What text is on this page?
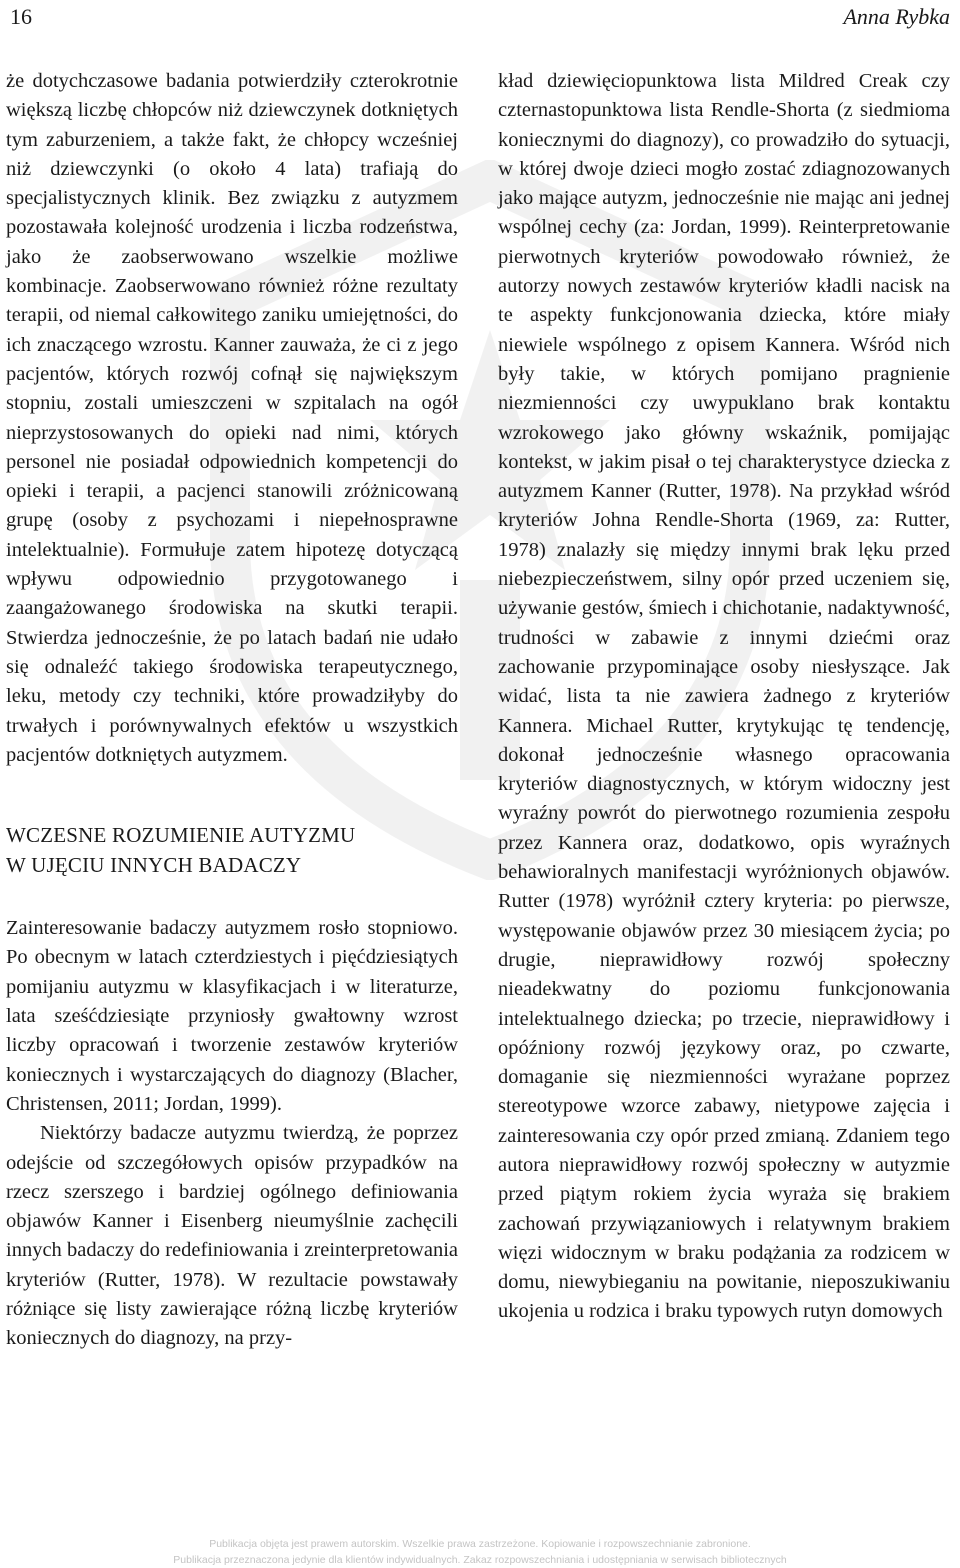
16	Anna Rybka

że dotychczasowe badania potwierdziły czterokrotnie większą liczbę chłopców niż dziewczynek dotkniętych tym zaburzeniem, a także fakt, że chłopcy wcześniej niż dziewczynki (o około 4 lata) trafiają do specjalistycznych klinik. Bez związku z autyzmem pozostawała kolejność urodzenia i liczba rodzeństwa, jako że zaobserwowano wszelkie możliwe kombinacje. Zaobserwowano również różne rezultaty terapii, od niemal całkowitego zaniku umiejętności, do ich znaczącego wzrostu. Kanner zauważa, że ci z jego pacjentów, których rozwój cofnął się największym stopniu, zostali umieszczeni w szpitalach na ogół nieprzystosowanych do opieki nad nimi, których personel nie posiadał odpowiednich kompetencji do opieki i terapii, a pacjenci stanowili zróżnicowaną grupę (osoby z psychozami i niepełnosprawne intelektualnie). Formułuje zatem hipotezę dotyczącą wpływu odpowiednio przygotowanego i zaangażowanego środowiska na skutki terapii. Stwierdza jednocześnie, że po latach badań nie udało się odnaleźć takiego środowiska terapeutycznego, leku, metody czy techniki, które prowadziłyby do trwałych i porównywalnych efektów u wszystkich pacjentów dotkniętych autyzmem.

WCZESNE ROZUMIENIE AUTYZMU
W UJĘCIU INNYCH BADACZY

Zainteresowanie badaczy autyzmem rosło stopniowo. Po obecnym w latach czterdziestych i pięćdziesiątych pomijaniu autyzmu w klasyfikacjach i w literaturze, lata sześćdziesiąte przyniosły gwałtowny wzrost liczby opracowań i tworzenie zestawów kryteriów koniecznych i wystarczających do diagnozy (Blacher, Christensen, 2011; Jordan, 1999).

Niektórzy badacze autyzmu twierdzą, że poprzez odejście od szczegółowych opisów przypadków na rzecz szerszego i bardziej ogólnego definiowania objawów Kanner i Eisenberg nieumyślnie zachęcili innych badaczy do redefiniowania i zreinterpretowania kryteriów (Rutter, 1978). W rezultacie powstawały różniące się listy zawierające różną liczbę kryteriów koniecznych do diagnozy, na przy-

kład dziewięciopunktowa lista Mildred Creak czy czternastopunktowa lista Rendle-Shorta (z siedmioma koniecznymi do diagnozy), co prowadziło do sytuacji, w której dwoje dzieci mogło zostać zdiagnozowanych jako mające autyzm, jednocześnie nie mając ani jednej wspólnej cechy (za: Jordan, 1999). Reinterpretowanie pierwotnych kryteriów powodowało również, że autorzy nowych zestawów kryteriów kładli nacisk na te aspekty funkcjonowania dziecka, które miały niewiele wspólnego z opisem Kannera. Wśród nich były takie, w których pomijano pragnienie niezmienności czy uwypuklano brak kontaktu wzrokowego jako główny wskaźnik, pomijając kontekst, w jakim pisał o tej charakterystyce dziecka z autyzmem Kanner (Rutter, 1978). Na przykład wśród kryteriów Johna Rendle-Shorta (1969, za: Rutter, 1978) znalazły się między innymi brak lęku przed niebezpieczeństwem, silny opór przed uczeniem się, używanie gestów, śmiech i chichotanie, nadaktywność, trudności w zabawie z innymi dziećmi oraz zachowanie przypominające osoby niesłyszące. Jak widać, lista ta nie zawiera żadnego z kryteriów Kannera. Michael Rutter, krytykując tę tendencję, dokonał jednocześnie własnego opracowania kryteriów diagnostycznych, w którym widoczny jest wyraźny powrót do pierwotnego rozumienia zespołu przez Kannera oraz, dodatkowo, opis wyraźnych behawioralnych manifestacji wyróżnionych objawów. Rutter (1978) wyróżnił cztery kryteria: po pierwsze, występowanie objawów przez 30 miesiącem życia; po drugie, nieprawidłowy rozwój społeczny nieadekwatny do poziomu funkcjonowania intelektualnego dziecka; po trzecie, nieprawidłowy i opóźniony rozwój językowy oraz, po czwarte, domaganie się niezmienności wyrażane poprzez stereotypowe wzorce zabawy, nietypowe zajęcia i zainteresowania czy opór przed zmianą. Zdaniem tego autora nieprawidłowy rozwój społeczny w autyzmie przed piątym rokiem życia wyraża się brakiem zachowań przywiązaniowych i relatywnym brakiem więzi widocznym w braku podążania za rodzicem w domu, niewybieganiu na powitanie, nieposzukiwaniu ukojenia u rodzica i braku typowych rutyn domowych

Publikacja objęta jest prawem autorskim. Wszelkie prawa zastrzeżone. Kopiowanie i rozpowszechnianie zabronione.
Publikacja przeznaczona jedynie dla klientów indywidualnych. Zakaz rozpowszechniania i udostępniania w serwisach bibliotecznych
